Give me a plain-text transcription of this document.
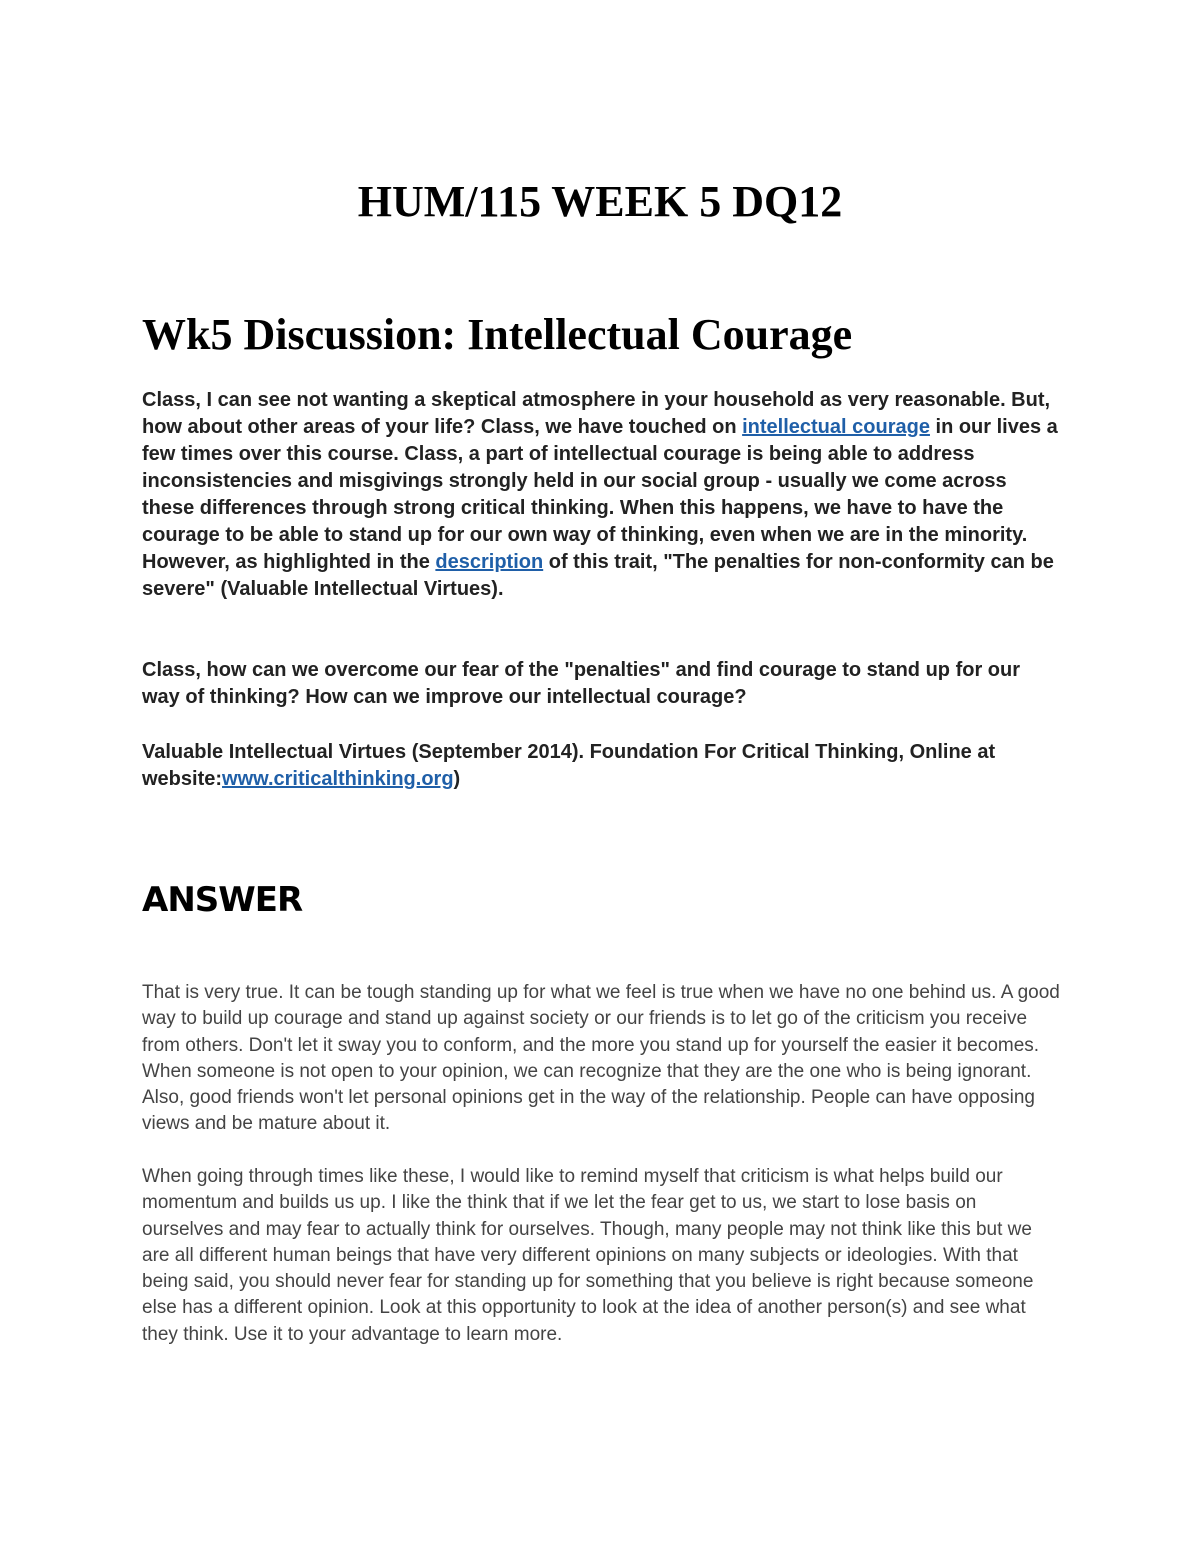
HUM/115 WEEK 5 DQ12
Wk5 Discussion: Intellectual Courage

Class, I can see not wanting a skeptical atmosphere in your household as very reasonable. But, how about other areas of your life? Class, we have touched on intellectual courage in our lives a few times over this course. Class, a part of intellectual courage is being able to address inconsistencies and misgivings strongly held in our social group - usually we come across these differences through strong critical thinking. When this happens, we have to have the courage to be able to stand up for our own way of thinking, even when we are in the minority. However, as highlighted in the description of this trait, "The penalties for non-conformity can be severe" (Valuable Intellectual Virtues).

Class, how can we overcome our fear of the "penalties" and find courage to stand up for our way of thinking? How can we improve our intellectual courage?

Valuable Intellectual Virtues (September 2014). Foundation For Critical Thinking, Online at website:www.criticalthinking.org)

ANSWER

That is very true. It can be tough standing up for what we feel is true when we have no one behind us. A good way to build up courage and stand up against society or our friends is to let go of the criticism you receive from others. Don't let it sway you to conform, and the more you stand up for yourself the easier it becomes. When someone is not open to your opinion, we can recognize that they are the one who is being ignorant. Also, good friends won't let personal opinions get in the way of the relationship. People can have opposing views and be mature about it.

When going through times like these, I would like to remind myself that criticism is what helps build our momentum and builds us up. I like the think that if we let the fear get to us, we start to lose basis on ourselves and may fear to actually think for ourselves. Though, many people may not think like this but we are all different human beings that have very different opinions on many subjects or ideologies. With that being said, you should never fear for standing up for something that you believe is right because someone else has a different opinion. Look at this opportunity to look at the idea of another person(s) and see what they think. Use it to your advantage to learn more.
